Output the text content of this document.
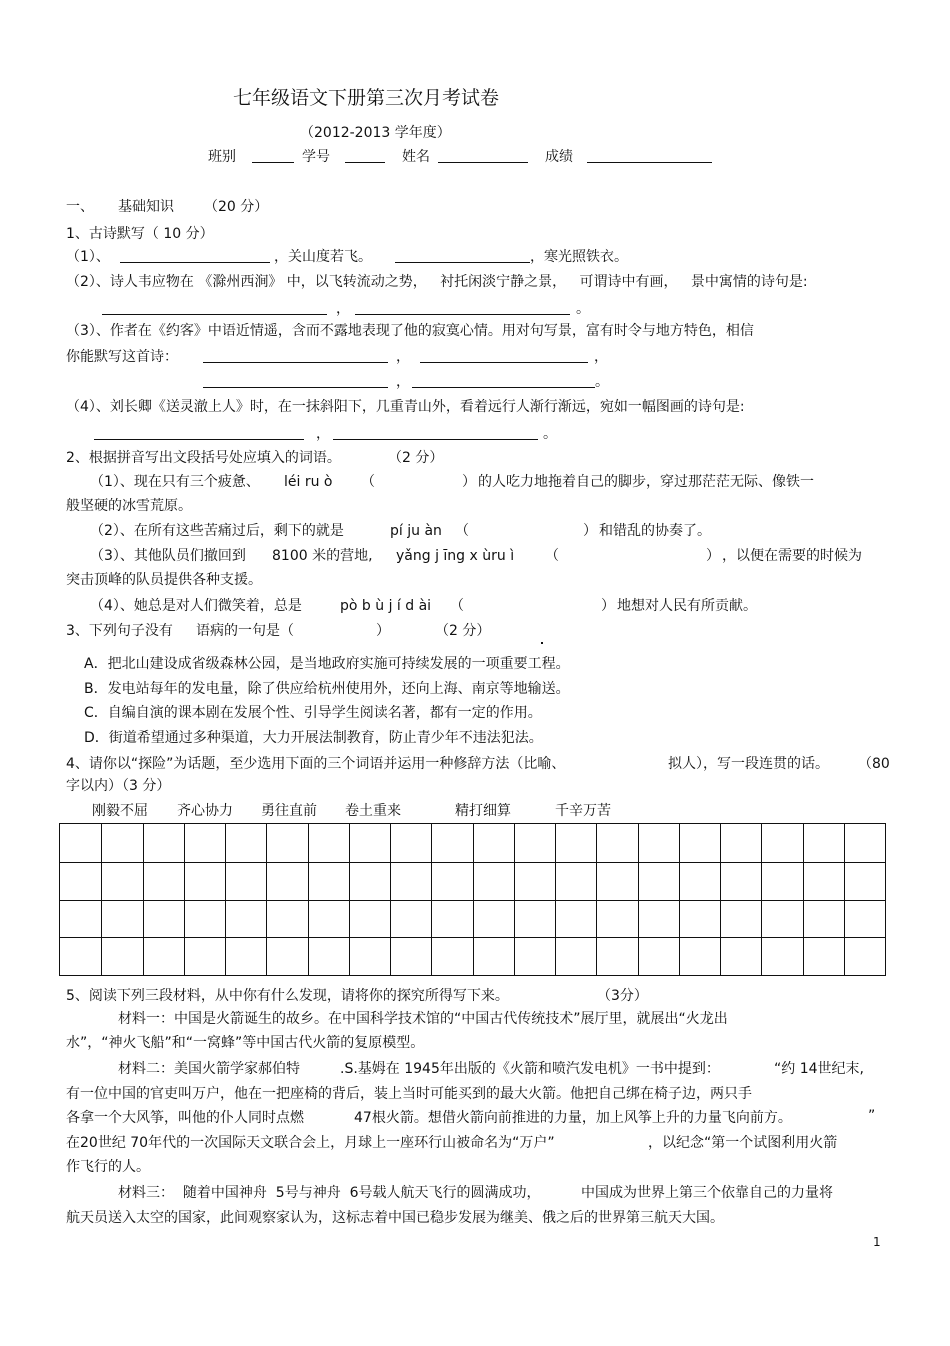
七年级语文下册第三次月考试卷
（2012-2013 学年度）
班别	学号	姓名	成绩
一、 基础知识 （20 分）
1、古诗默写（ 10 分）
（1）、	，关山度若飞。	，寒光照铁衣。
（2）、诗人韦应物在 《滁州西涧》 中，以飞转流动之势，   衬托闲淡宁静之景，   可谓诗中有画，   景中寓情的诗句是:
，	。
（3）、作者在《约客》中语近情遥，含而不露地表现了他的寂寞心情。用对句写景，富有时令与地方特色，相信
你能默写这首诗：	，	，
，	。
（4）、刘长卿《送灵澈上人》时，在一抹斜阳下，几重青山外，看着远行人渐行渐远，宛如一幅图画的诗句是:
，	。
2、根据拼音写出文段括号处应填入的词语。	（2 分）
（1）、现在只有三个疲惫、 léi ru ò （	） 的人吃力地拖着自己的脚步，穿过那茫茫无际、像铁一
般坚硬的冰雪荒原。
（2）、在所有这些苦痛过后，剩下的就是	pí ju àn （	） 和错乱的协奏了。
（3）、其他队员们撤回到 8100 米的营地, yǎng j īng x ùru ì （	） ，以便在需要的时候为
突击顶峰的队员提供各种支援。
（4）、她总是对人们微笑着，总是	pò b ù j í d ài （	） 地想对人民有所贡献。
3、下列句子没有	语病的一句是（	）	（2 分）
A．把北山建设成省级森林公园，是当地政府实施可持续发展的一项重要工程。
B．发电站每年的发电量，除了供应给杭州使用外，还向上海、南京等地输送。
C．自编自演的课本剧在发展个性、引导学生阅读名著，都有一定的作用。
D．街道希望通过多种渠道，大力开展法制教育，防止青少年不违法犯法。
4、请你以“探险”为话题，至少选用下面的三个词语并运用一种修辞方法（比喻、	拟人），写一段连贯的话。 （80
字以内）（3 分）
刚毅不屈 齐心协力 勇往直前 卷土重来	精打细算	千辛万苦
5、阅读下列三段材料，从中你有什么发现，请将你的探究所得写下来。	（3分）
材料一：中国是火箭诞生的故乡。在中国科学技术馆的“中国古代传统技术”展厅里，就展出“火龙出
水”，“神火飞船”和“一窝蜂”等中国古代火箭的复原模型。
材料二：美国火箭学家郝伯特	.S.基姆在 1945年出版的《火箭和喷汽发电机》一书中提到：	“约 14世纪末,
有一位中国的官吏叫万户，他在一把座椅的背后，装上当时可能买到的最大火箭。他把自己绑在椅子边，两只手
各拿一个大风筝，叫他的仆人同时点燃	47根火箭。想借火箭向前推进的力量，加上风筝上升的力量飞向前方。	”
在20世纪 70年代的一次国际天文联合会上，月球上一座环行山被命名为“万户”	，以纪念“第一个试图利用火箭
作飞行的人。
材料三：  随着中国神舟  5号与神舟  6号载人航天飞行的圆满成功，	中国成为世界上第三个依靠自己的力量将
航天员送入太空的国家，此间观察家认为，这标志着中国已稳步发展为继美、俄之后的世界第三航天大国。
1
